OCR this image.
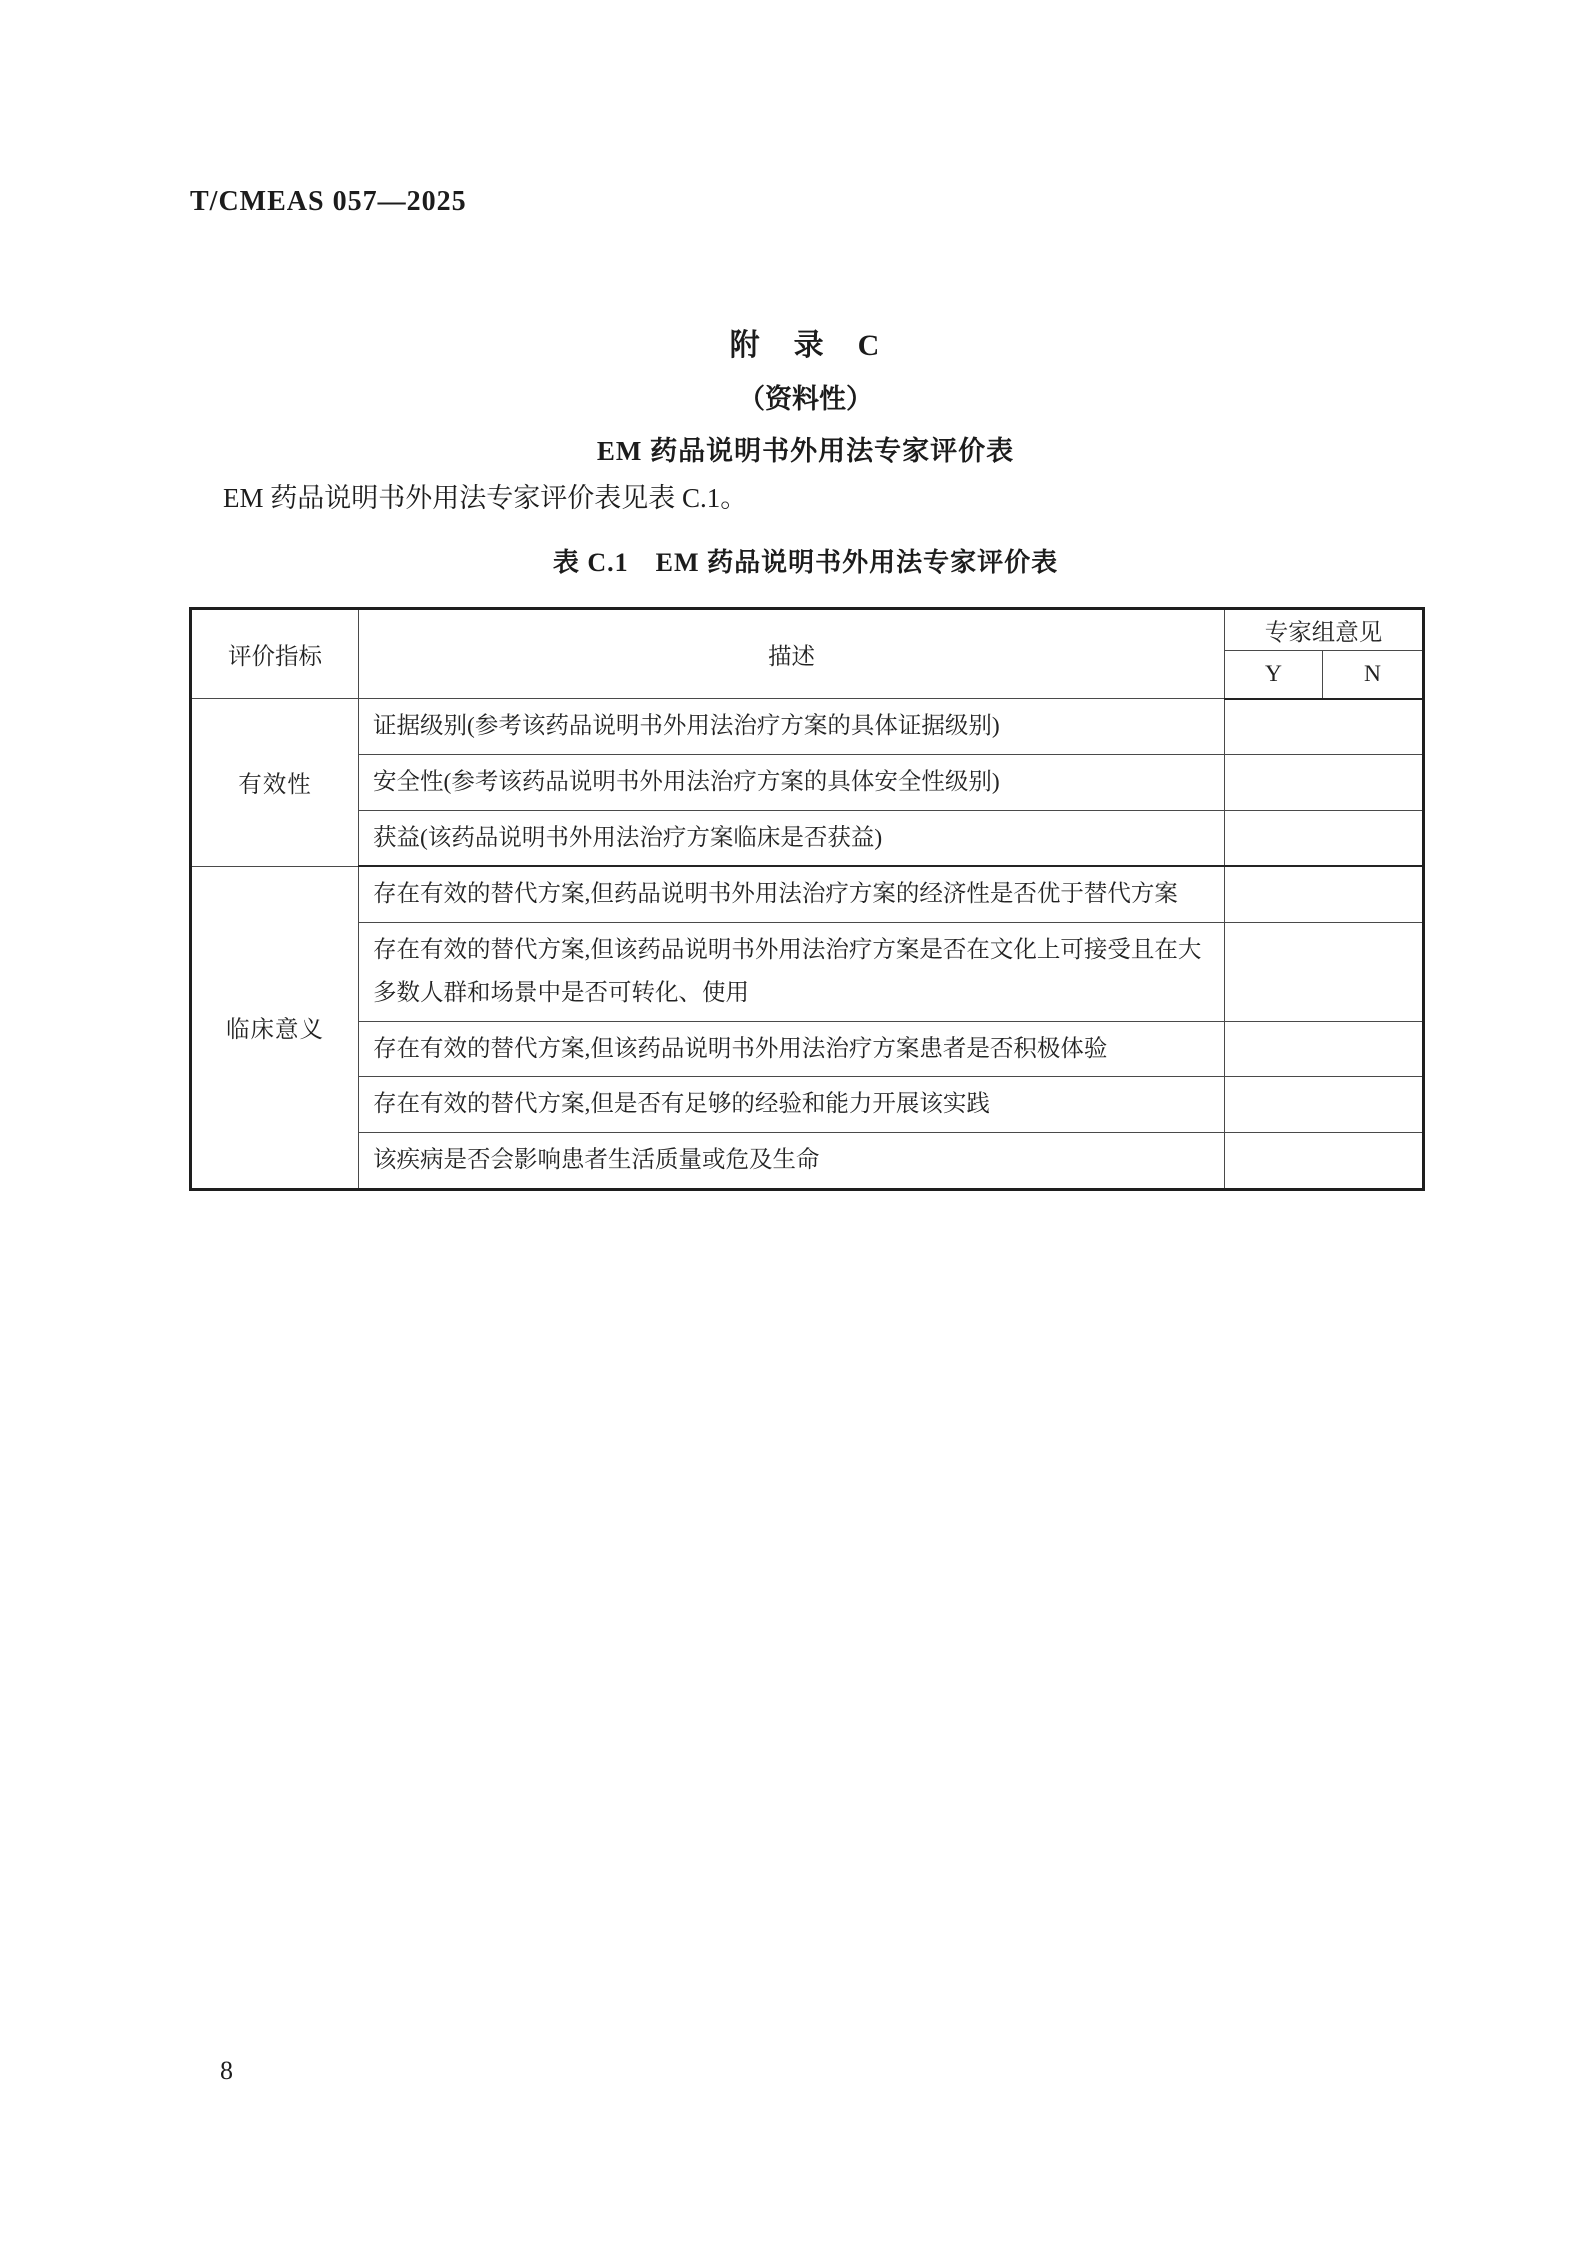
T/CMEAS 057—2025
附　录　C
（资料性）
EM 药品说明书外用法专家评价表
EM 药品说明书外用法专家评价表见表 C.1。
表 C.1　EM 药品说明书外用法专家评价表
评价指标	描述	专家组意见	
		Y	N
有效性	证据级别(参考该药品说明书外用法治疗方案的具体证据级别)		
	安全性(参考该药品说明书外用法治疗方案的具体安全性级别)		
	获益(该药品说明书外用法治疗方案临床是否获益)		
临床意义	存在有效的替代方案,但药品说明书外用法治疗方案的经济性是否优于替代方案		
	存在有效的替代方案,但该药品说明书外用法治疗方案是否在文化上可接受且在大多数人群和场景中是否可转化、使用		
	存在有效的替代方案,但该药品说明书外用法治疗方案患者是否积极体验		
	存在有效的替代方案,但是否有足够的经验和能力开展该实践		
	该疾病是否会影响患者生活质量或危及生命		
8
